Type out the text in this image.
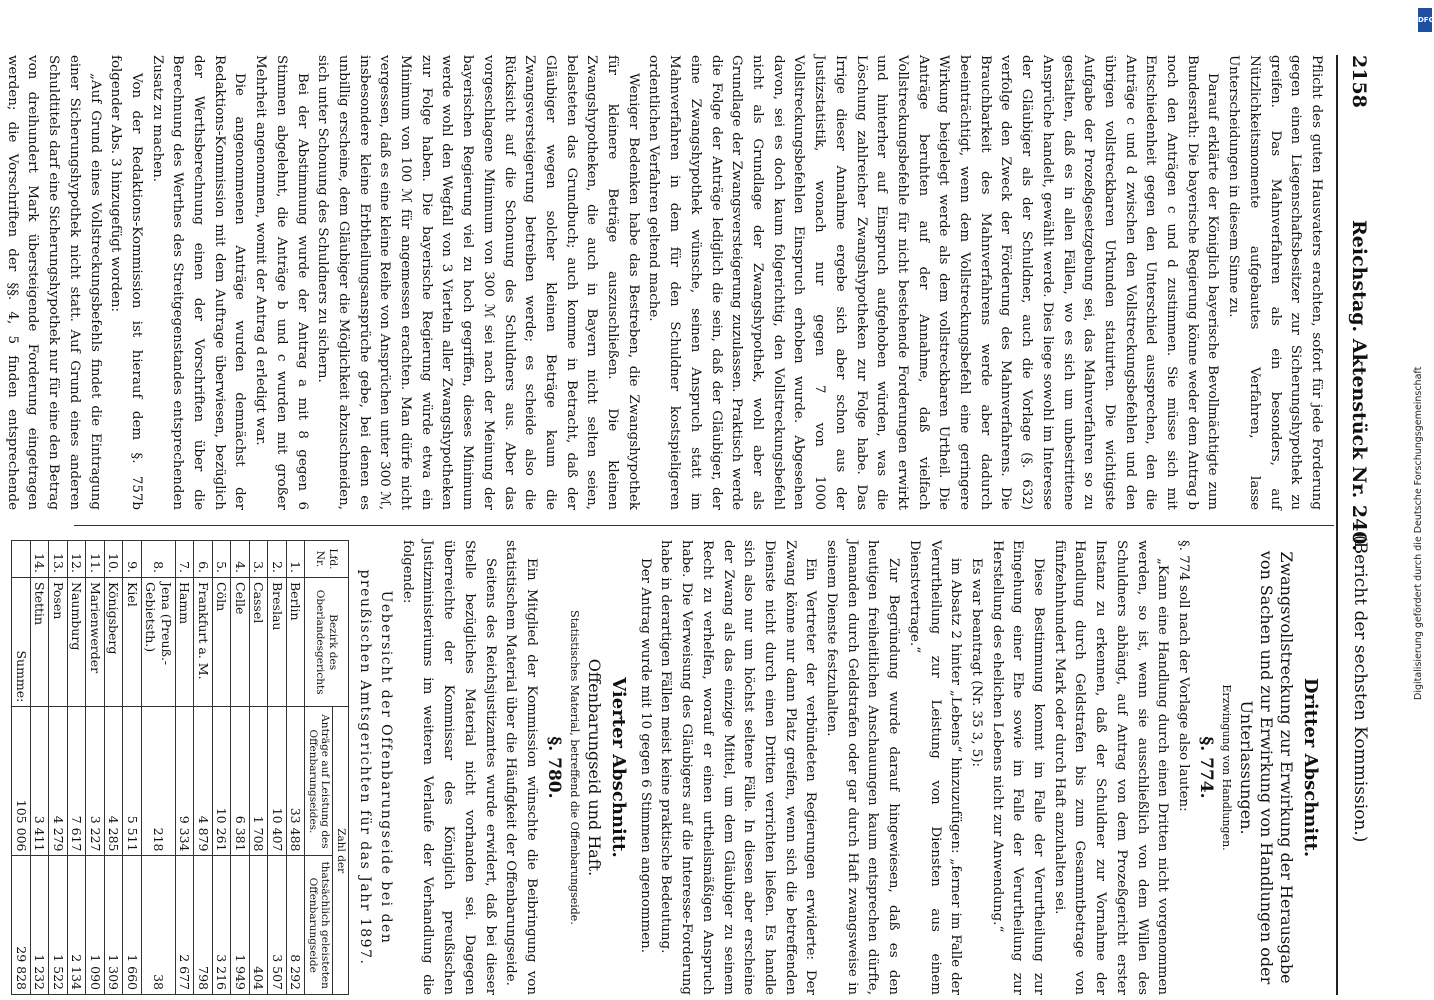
2158
Reichstag. Aktenstück Nr. 240.
(Bericht der sechsten Kommission.)

Pflicht des guten Hausvaters erachten, sofort für jede Forderung gegen einen Liegenschaftsbesitzer zur Sicherungshypothek zu greifen. Das Mahnverfahren als ein besonders, auf Nützlichkeitsmomente aufgebautes Verfahren, lasse Unterscheidungen in diesem Sinne zu.

Darauf erklärte der Königlich bayerische Bevollmächtigte zum Bundesrath: Die bayerische Regierung könne weder dem Antrag b noch den Anträgen c und d zustimmen. Sie müsse sich mit Entschiedenheit gegen den Unterschied aussprechen, den die Anträge c und d zwischen den Vollstreckungsbefehlen und den übrigen vollstreckbaren Urkunden statuirten. Die wichtigste Aufgabe der Prozeßgesetzgebung sei, das Mahnverfahren so zu gestalten, daß es in allen Fällen, wo es sich um unbestrittene Ansprüche handelt, gewählt werde. Dies liege sowohl im Interesse der Gläubiger als der Schuldner, auch die Vorlage (§. 632) verfolge den Zweck der Förderung des Mahnverfahrens. Die Brauchbarkeit des Mahnverfahrens werde aber dadurch beeinträchtigt, wenn dem Vollstreckungsbefehl eine geringere Wirkung beigelegt werde als dem vollstreckbaren Urtheil. Die Anträge beruhten auf der Annahme, daß vielfach Vollstreckungsbefehle für nicht bestehende Forderungen erwirkt und hinterher auf Einspruch aufgehoben würden, was die Löschung zahlreicher Zwangshypotheken zur Folge habe. Das Irrige dieser Annahme ergebe sich aber schon aus der Justizstatistik, wonach nur gegen 7 von 1000 Vollstreckungsbefehlen Einspruch erhoben wurde. Abgesehen davon, sei es doch kaum folgerichtig, den Vollstreckungsbefehl nicht als Grundlage der Zwangshypothek, wohl aber als Grundlage der Zwangsversteigerung zuzulassen. Praktisch werde die Folge der Anträge lediglich die sein, daß der Gläubiger, der eine Zwangshypothek wünsche, seinen Anspruch statt im Mahnverfahren in dem für den Schuldner kostspieligeren ordentlichen Verfahren geltend mache.

Weniger Bedenken habe das Bestreben, die Zwangshypothek für kleinere Beträge auszuschließen. Die kleinen Zwangshypotheken, die auch in Bayern nicht selten seien, belasteten das Grundbuch; auch komme in Betracht, daß der Gläubiger wegen solcher kleinen Beträge kaum die Zwangsversteigerung betreiben werde; es scheide also die Rücksicht auf die Schonung des Schuldners aus. Aber das vorgeschlagene Minimum von 300 ℳ sei nach der Meinung der bayerischen Regierung viel zu hoch gegriffen, dieses Minimum werde wohl den Wegfall von 3 Vierteln aller Zwangshypotheken zur Folge haben. Die bayerische Regierung würde etwa ein Minimum von 100 ℳ für angemessen erachten. Man dürfe nicht vergessen, daß es eine kleine Reihe von Ansprüchen unter 300 ℳ, insbesondere kleine Erbtheilungsansprüche gebe, bei denen es unbillig erscheine, dem Gläubiger die Möglichkeit abzuschneiden, sich unter Schonung des Schuldners zu sichern.

Bei der Abstimmung wurde der Antrag a mit 8 gegen 6 Stimmen abgelehnt, die Anträge b und c wurden mit großer Mehrheit angenommen, womit der Antrag d erledigt war.

Die angenommenen Anträge wurden demnächst der Redaktions-Kommission mit dem Auftrage überwiesen, bezüglich der Werthsberechnung einen der Vorschriften über die Berechnung des Werthes des Streitgegenstandes entsprechenden Zusatz zu machen.

Von der Redaktions-Kommission ist hierauf dem §. 757b folgender Abs. 3 hinzugefügt worden:

„Auf Grund eines Vollstreckungsbefehls findet die Eintragung einer Sicherungshypothek nicht statt. Auf Grund eines anderen Schuldtitels darf eine Sicherungshypothek nur für eine den Betrag von dreihundert Mark übersteigende Forderung eingetragen werden; die Vorschriften der §§. 4, 5 finden entsprechende

Dritter Abschnitt.
Zwangsvollstreckung zur Erwirkung der Herausgabe von Sachen und zur Erwirkung von Handlungen oder Unterlassungen.
Erzwingung von Handlungen.
§. 774.

§. 774 soll nach der Vorlage also lauten:

„Kann eine Handlung durch einen Dritten nicht vorgenommen werden, so ist, wenn sie ausschließlich von dem Willen des Schuldners abhängt, auf Antrag von dem Prozeßgericht erster Instanz zu erkennen, daß der Schuldner zur Vornahme der Handlung durch Geldstrafen bis zum Gesammtbetrage von fünfzehnhundert Mark oder durch Haft anzuhalten sei.

Diese Bestimmung kommt im Falle der Verurtheilung zur Eingehung einer Ehe sowie im Falle der Verurtheilung zur Herstellung des ehelichen Lebens nicht zur Anwendung.“

Es war beantragt (Nr. 35 3, 5):

im Absatz 2 hinter „Lebens“ hinzuzufügen: „ferner im Falle der Verurtheilung zur Leistung von Diensten aus einem Dienstvertrage.“

Zur Begründung wurde darauf hingewiesen, daß es den heutigen freiheitlichen Anschauungen kaum entsprechen dürfte, Jemanden durch Geldstrafen oder gar durch Haft zwangsweise in seinem Dienste festzuhalten.

Ein Vertreter der verbündeten Regierungen erwiderte: Der Zwang könne nur dann Platz greifen, wenn sich die betreffenden Dienste nicht durch einen Dritten verrichten ließen. Es handle sich also nur um höchst seltene Fälle. In diesen aber erscheine der Zwang als das einzige Mittel, um dem Gläubiger zu seinem Recht zu verhelfen, worauf er einen urtheilsmäßigen Anspruch habe. Die Verweisung des Gläubigers auf die Interesse-Forderung habe in derartigen Fällen meist keine praktische Bedeutung.

Der Antrag wurde mit 10 gegen 6 Stimmen angenommen.

Vierter Abschnitt.
Offenbarungseid und Haft.
Statistisches Material, betreffend die Offenbarungseide.
§. 780.

Ein Mitglied der Kommission wünschte die Beibringung von statistischem Material über die Häufigkeit der Offenbarungseide.

Seitens des Reichsjustizamtes wurde erwidert, daß bei dieser Stelle bezügliches Material nicht vorhanden sei. Dagegen überreichte der Kommissar des Königlich preußischen Justizministeriums im weiteren Verlaufe der Verhandlung die folgende:

Uebersicht der Offenbarungseide bei den
preußischen Amtsgerichten für das Jahr 1897.
Lfd. Nr.	Bezirk des Oberlandesgerichts	Zahl der	
		Anträge auf Leistung des Offenbarungseides.	thatsächlich geleisteten Offenbarungseide
1.	Berlin	33 488	8 292
2.	Breslau	10 407	3 507
3.	Cassel	1 708	404
4.	Celle	6 381	1 949
5.	Cöln	10 261	3 216
6.	Frankfurt a. M.	4 879	798
7.	Hamm	9 334	2 677
8.	Jena (Preuß.-Gebietsth.)	218	38
9.	Kiel	5 511	1 660
10.	Königsberg	4 285	1 309
11.	Marienwerder	3 227	1 090
12.	Naumburg	7 617	2 134
13.	Posen	4 279	1 522
14.	Stettin	3 411	1 232
	Summe:	105 006	29 828
Digitalisierung gefördert durch die Deutsche Forschungsgemeinschaft
DFG
